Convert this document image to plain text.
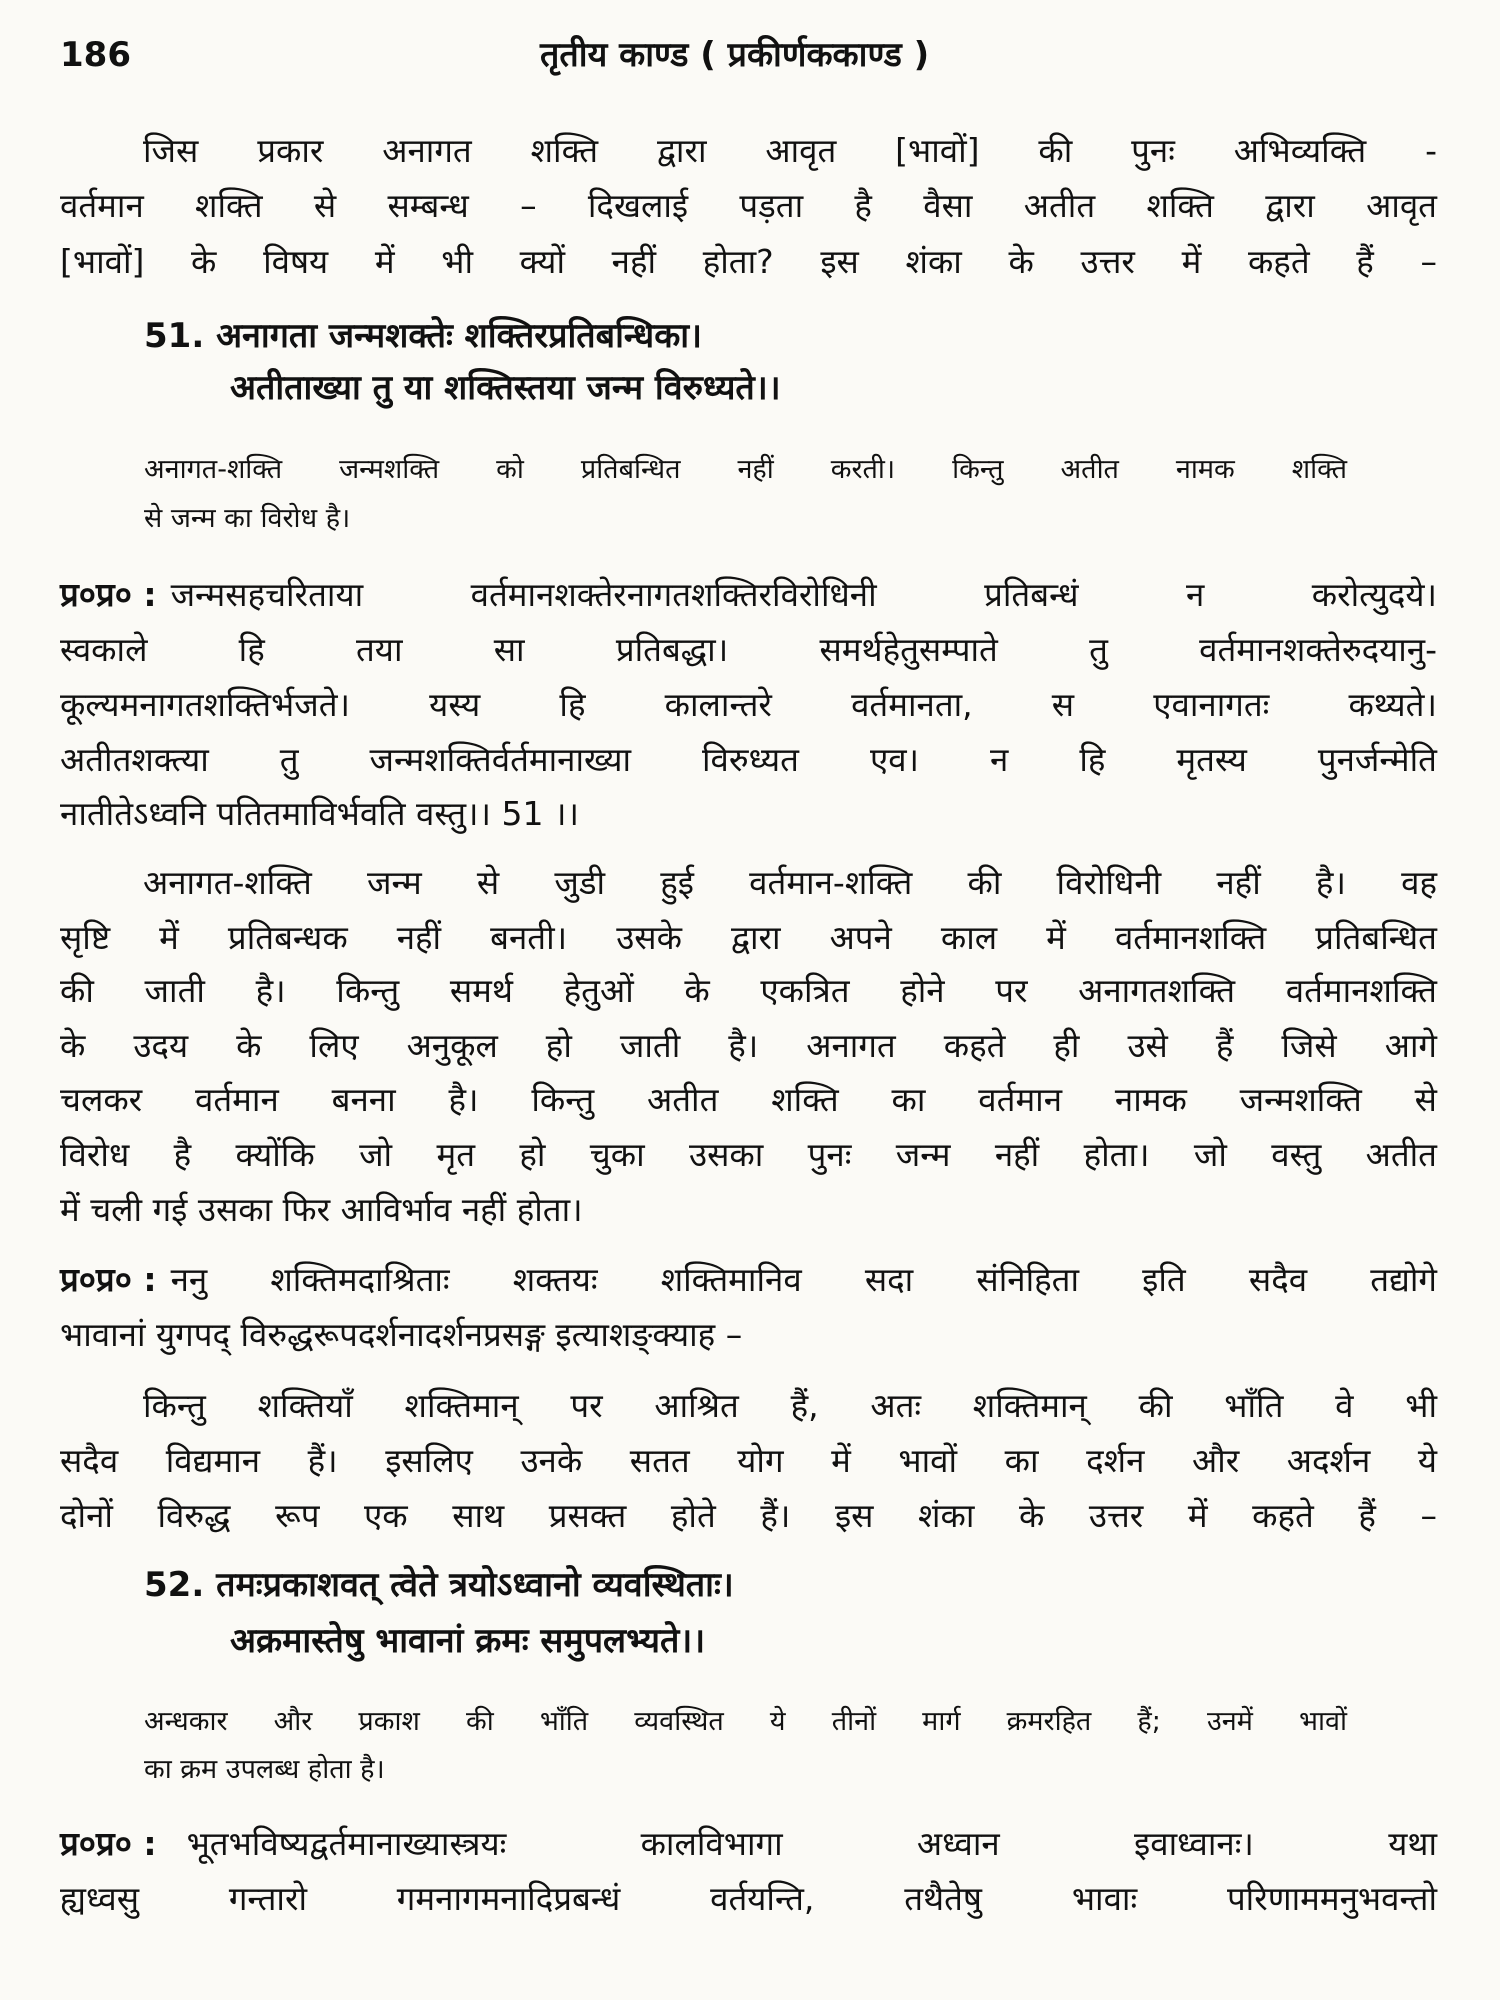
186	तृतीय काण्ड ( प्रकीर्णककाण्ड )
जिस प्रकार अनागत शक्ति द्वारा आवृत [भावों] की पुनः अभिव्यक्ति -
वर्तमान शक्ति से सम्बन्ध – दिखलाई पड़ता है वैसा अतीत शक्ति द्वारा आवृत
[भावों] के विषय में भी क्यों नहीं होता? इस शंका के उत्तर में कहते हैं –
51. अनागता जन्मशक्तेः शक्तिरप्रतिबन्धिका।
अतीताख्या तु या शक्तिस्तया जन्म विरुध्यते।।
अनागत-शक्ति जन्मशक्ति को प्रतिबन्धित नहीं करती। किन्तु अतीत नामक शक्ति
से जन्म का विरोध है।
प्र०प्र० : जन्मसहचरिताया वर्तमानशक्तेरनागतशक्तिरविरोधिनी प्रतिबन्धं न करोत्युदये।
स्वकाले हि तया सा प्रतिबद्धा। समर्थहेतुसम्पाते तु वर्तमानशक्तेरुदयानु-
कूल्यमनागतशक्तिर्भजते। यस्य हि कालान्तरे वर्तमानता, स एवानागतः कथ्यते।
अतीतशक्त्या तु जन्मशक्तिर्वर्तमानाख्या विरुध्यत एव। न हि मृतस्य पुनर्जन्मेति
नातीतेऽध्वनि पतितमाविर्भवति वस्तु।। 51 ।।
अनागत-शक्ति जन्म से जुडी हुई वर्तमान-शक्ति की विरोधिनी नहीं है। वह
सृष्टि में प्रतिबन्धक नहीं बनती। उसके द्वारा अपने काल में वर्तमानशक्ति प्रतिबन्धित
की जाती है। किन्तु समर्थ हेतुओं के एकत्रित होने पर अनागतशक्ति वर्तमानशक्ति
के उदय के लिए अनुकूल हो जाती है। अनागत कहते ही उसे हैं जिसे आगे
चलकर वर्तमान बनना है। किन्तु अतीत शक्ति का वर्तमान नामक जन्मशक्ति से
विरोध है क्योंकि जो मृत हो चुका उसका पुनः जन्म नहीं होता। जो वस्तु अतीत
में चली गई उसका फिर आविर्भाव नहीं होता।
प्र०प्र० : ननु शक्तिमदाश्रिताः शक्तयः शक्तिमानिव सदा संनिहिता इति सदैव तद्योगे
भावानां युगपद् विरुद्धरूपदर्शनादर्शनप्रसङ्ग इत्याशङ्क्याह –
किन्तु शक्तियाँ शक्तिमान् पर आश्रित हैं, अतः शक्तिमान् की भाँति वे भी
सदैव विद्यमान हैं। इसलिए उनके सतत योग में भावों का दर्शन और अदर्शन ये
दोनों विरुद्ध रूप एक साथ प्रसक्त होते हैं। इस शंका के उत्तर में कहते हैं –
52. तमःप्रकाशवत् त्वेते त्रयोऽध्वानो व्यवस्थिताः।
अक्रमास्तेषु भावानां क्रमः समुपलभ्यते।।
अन्धकार और प्रकाश की भाँति व्यवस्थित ये तीनों मार्ग क्रमरहित हैं; उनमें भावों
का क्रम उपलब्ध होता है।
प्र०प्र० : भूतभविष्यद्वर्तमानाख्यास्त्रयः कालविभागा अध्वान इवाध्वानः। यथा
ह्यध्वसु गन्तारो गमनागमनादिप्रबन्धं वर्तयन्ति, तथैतेषु भावाः परिणाममनुभवन्तो
